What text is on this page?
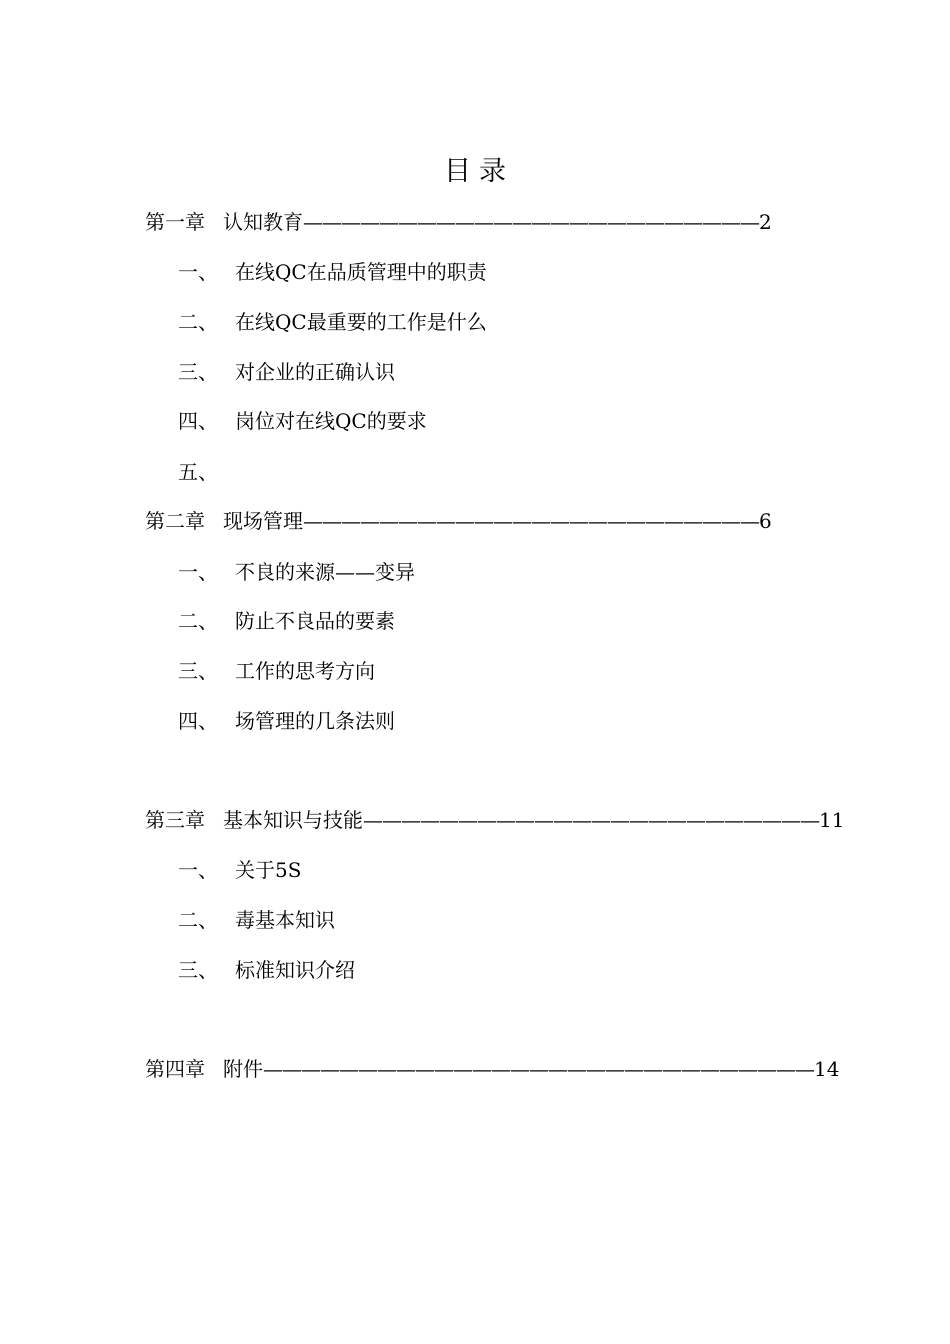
目录
第一章 认知教育————————————————————————2
一、 在线QC在品质管理中的职责
二、 在线QC最重要的工作是什么
三、 对企业的正确认识
四、 岗位对在线QC的要求
五、
第二章 现场管理————————————————————————6
一、 不良的来源——变异
二、 防止不良品的要素
三、 工作的思考方向
四、 场管理的几条法则
第三章 基本知识与技能————————————————————————11
一、 关于5S
二、 毒基本知识
三、 标准知识介绍
第四章 附件—————————————————————————————14
